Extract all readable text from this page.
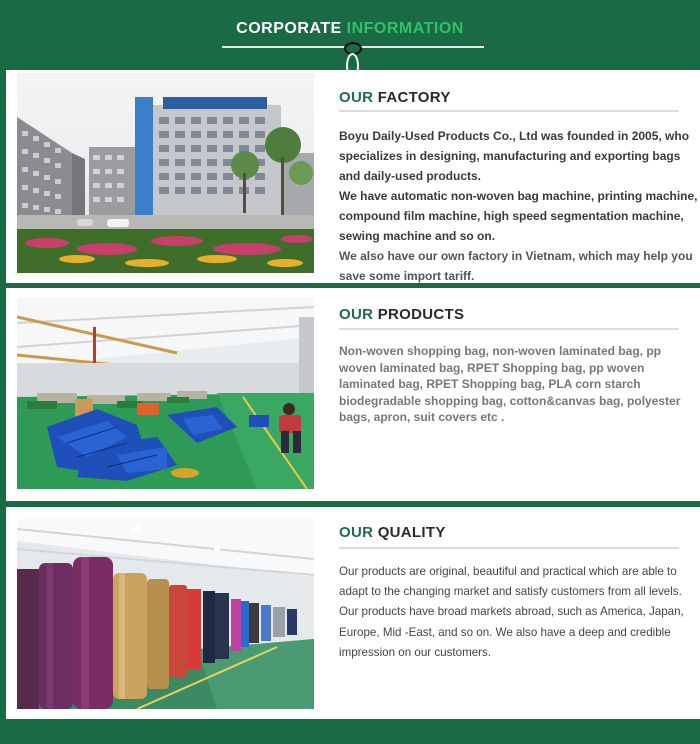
CORPORATE INFORMATION
OUR FACTORY

Boyu Daily-Used Products Co., Ltd was founded in 2005, who specializes in designing, manufacturing and exporting bags and daily-used products.

We have automatic non-woven bag machine, printing machine, compound film machine, high speed segmentation machine, sewing machine and so on.

We also have our own factory in Vietnam, which may help you save some import tariff.

OUR PRODUCTS

Non-woven shopping bag, non-woven laminated bag, pp woven laminated bag, RPET Shopping bag, pp woven laminated bag, RPET Shopping bag, PLA corn starch biodegradable shopping bag, cotton&canvas bag, polyester bags, apron, suit covers etc .

OUR QUALITY

Our products are original, beautiful and practical which are able to adapt to the changing market and satisfy customers from all levels. Our products have broad markets abroad, such as America, Japan, Europe, Mid -East, and so on. We also have a deep and credible impression on our customers.
